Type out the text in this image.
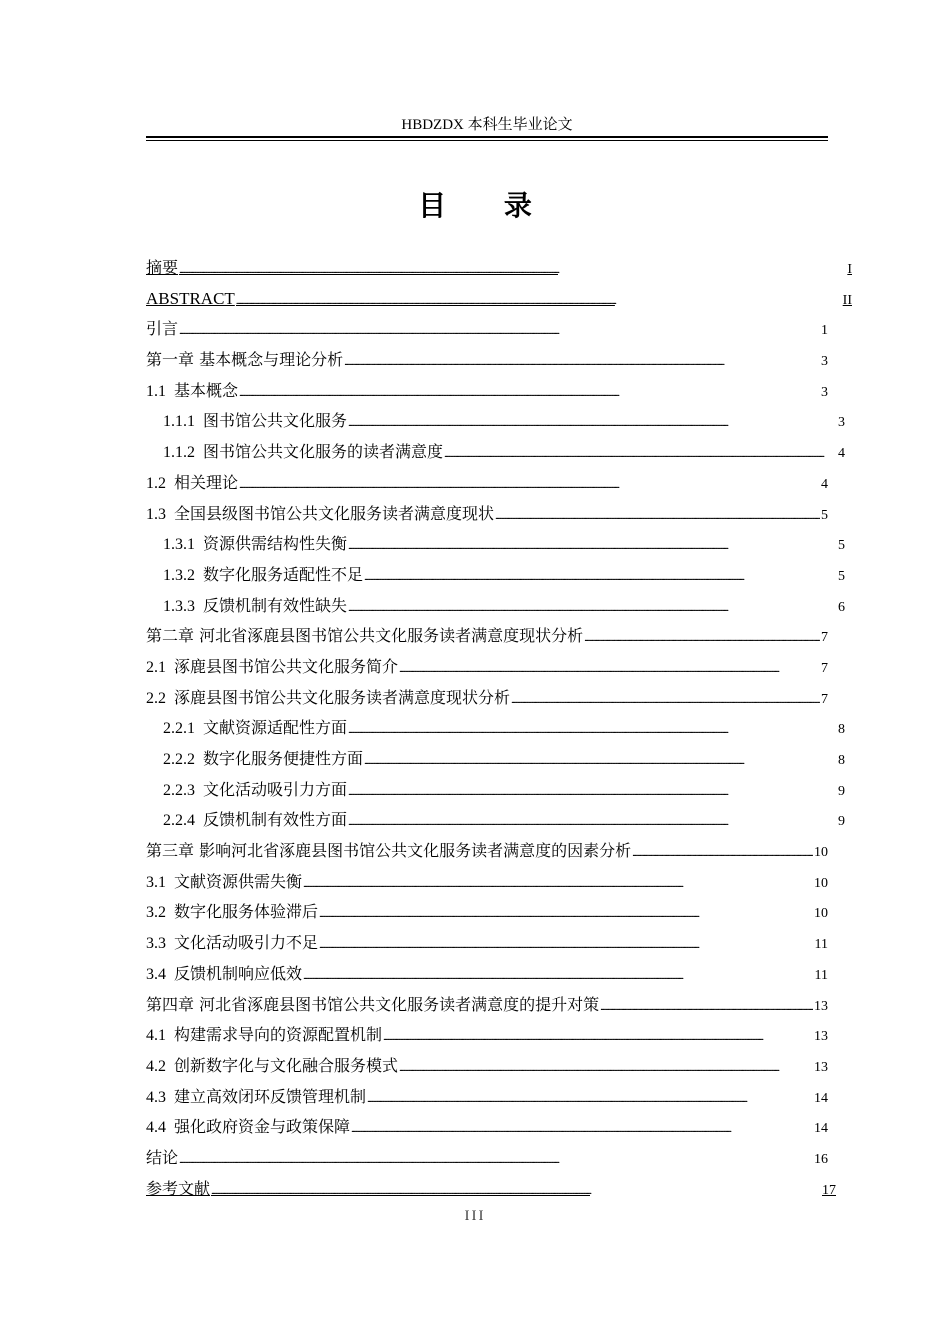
HBDZDX 本科生毕业论文
目 录
摘要 . . .	I
ABSTRACT . . .	II
引言 . . .	1
第一章 基本概念与理论分析 . . .	3
1.1 基本概念 . . .	3
1.1.1 图书馆公共文化服务 . . .	3
1.1.2 图书馆公共文化服务的读者满意度 . . .	4
1.2 相关理论 . . .	4
1.3 全国县级图书馆公共文化服务读者满意度现状 . . .	5
1.3.1 资源供需结构性失衡 . . .	5
1.3.2 数字化服务适配性不足 . . .	5
1.3.3 反馈机制有效性缺失 . . .	6
第二章 河北省涿鹿县图书馆公共文化服务读者满意度现状分析 . . .	7
2.1 涿鹿县图书馆公共文化服务简介 . . .	7
2.2 涿鹿县图书馆公共文化服务读者满意度现状分析 . . .	7
2.2.1 文献资源适配性方面 . . .	8
2.2.2 数字化服务便捷性方面 . . .	8
2.2.3 文化活动吸引力方面 . . .	9
2.2.4 反馈机制有效性方面 . . .	9
第三章 影响河北省涿鹿县图书馆公共文化服务读者满意度的因素分析 . . .	10
3.1 文献资源供需失衡 . . .	10
3.2 数字化服务体验滞后 . . .	10
3.3 文化活动吸引力不足 . . .	11
3.4 反馈机制响应低效 . . .	11
第四章 河北省涿鹿县图书馆公共文化服务读者满意度的提升对策 . . .	13
4.1 构建需求导向的资源配置机制 . . .	13
4.2 创新数字化与文化融合服务模式 . . .	13
4.3 建立高效闭环反馈管理机制 . . .	14
4.4 强化政府资金与政策保障 . . .	14
结论 . . .	16
参考文献 . . .	17
III
